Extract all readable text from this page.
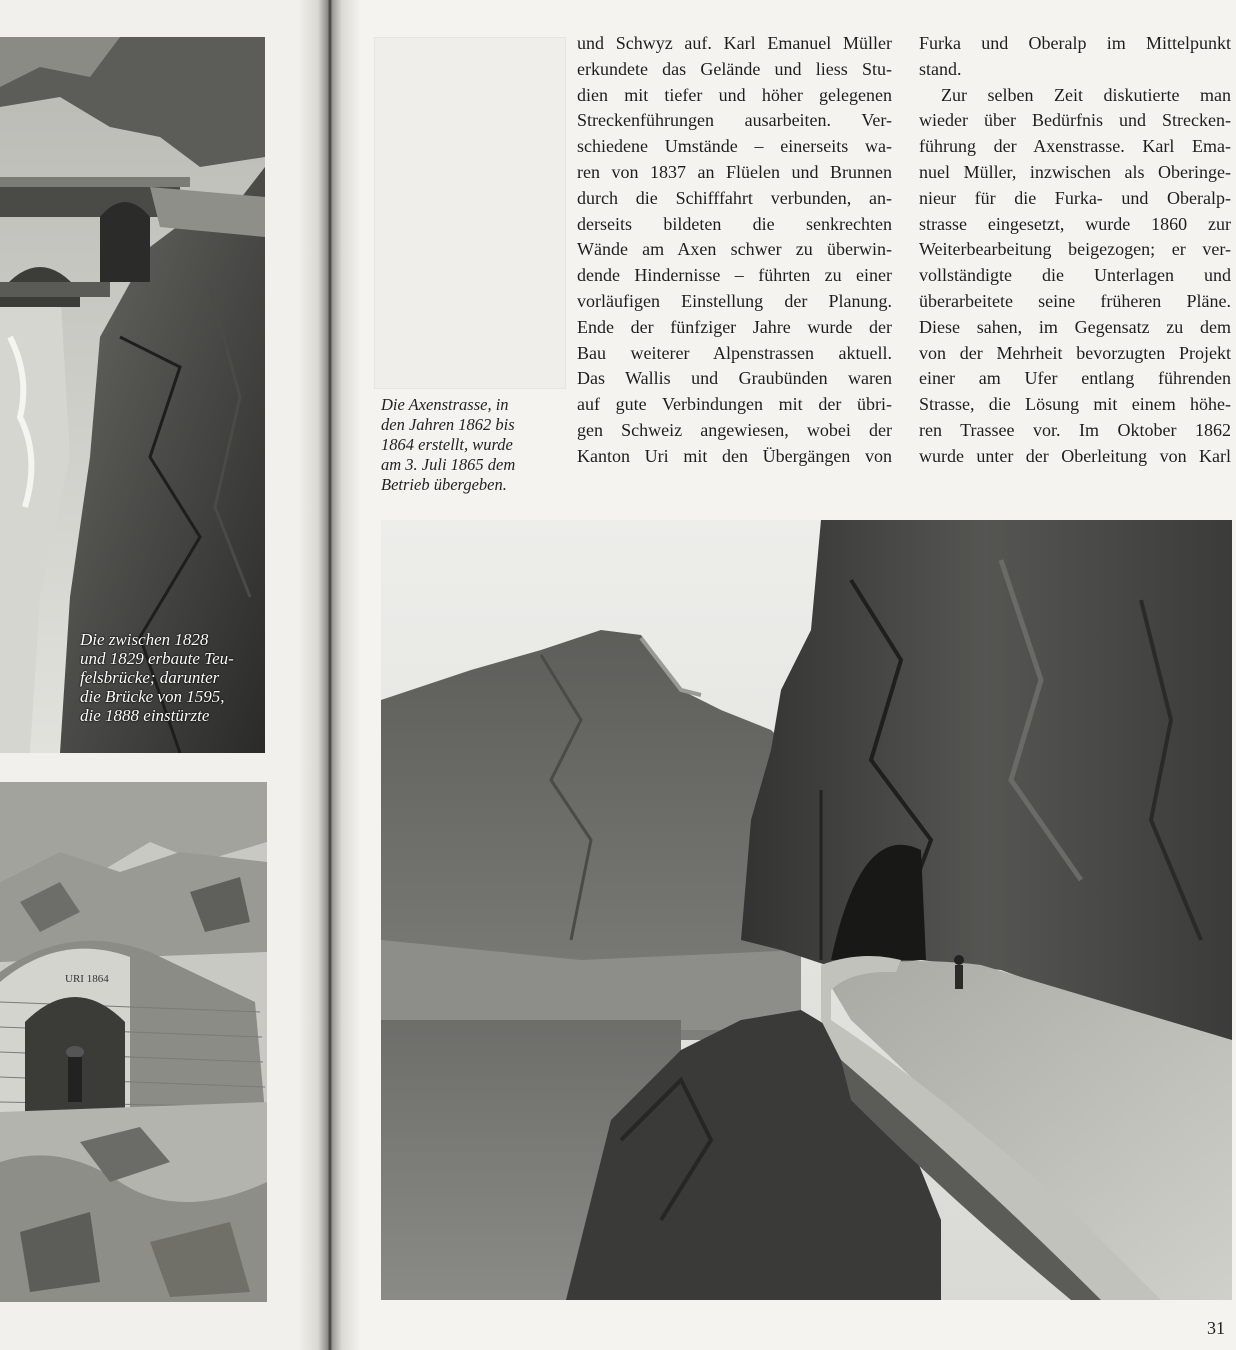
Die zwischen 1828
und 1829 erbaute Teu-
felsbrücke; darunter
die Brücke von 1595,
die 1888 einstürzte
URI 1864
Die Axenstrasse, in
den Jahren 1862 bis
1864 erstellt, wurde
am 3. Juli 1865 dem
Betrieb übergeben.
und Schwyz auf. Karl Emanuel Müller
erkundete das Gelände und liess Stu-
dien mit tiefer und höher gelegenen
Streckenführungen ausarbeiten. Ver-
schiedene Umstände – einerseits wa-
ren von 1837 an Flüelen und Brunnen
durch die Schifffahrt verbunden, an-
derseits bildeten die senkrechten
Wände am Axen schwer zu überwin-
dende Hindernisse – führten zu einer
vorläufigen Einstellung der Planung.
Ende der fünfziger Jahre wurde der
Bau weiterer Alpenstrassen aktuell.
Das Wallis und Graubünden waren
auf gute Verbindungen mit der übri-
gen Schweiz angewiesen, wobei der
Kanton Uri mit den Übergängen von
Furka und Oberalp im Mittelpunkt
stand.
Zur selben Zeit diskutierte man
wieder über Bedürfnis und Strecken-
führung der Axenstrasse. Karl Ema-
nuel Müller, inzwischen als Oberinge-
nieur für die Furka- und Oberalp-
strasse eingesetzt, wurde 1860 zur
Weiterbearbeitung beigezogen; er ver-
vollständigte die Unterlagen und
überarbeitete seine früheren Pläne.
Diese sahen, im Gegensatz zu dem
von der Mehrheit bevorzugten Projekt
einer am Ufer entlang führenden
Strasse, die Lösung mit einem höhe-
ren Trassee vor. Im Oktober 1862
wurde unter der Oberleitung von Karl
31
